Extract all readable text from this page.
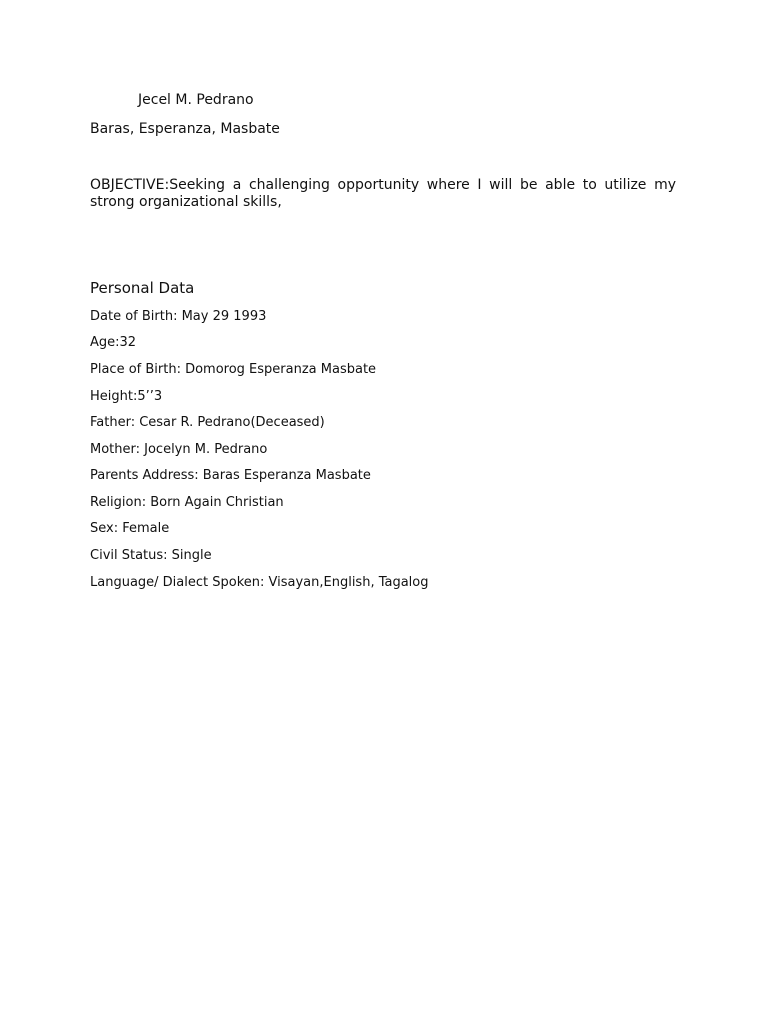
Jecel M. Pedrano
Baras, Esperanza, Masbate
OBJECTIVE:Seeking a challenging opportunity where I will be able to utilize my strong organizational skills,
Personal Data
Date of Birth: May 29 1993
Age:32
Place of Birth: Domorog Esperanza Masbate
Height:5’’3
Father: Cesar R. Pedrano(Deceased)
Mother: Jocelyn M. Pedrano
Parents Address: Baras Esperanza Masbate
Religion: Born Again Christian
Sex: Female
Civil Status: Single
Language/ Dialect Spoken: Visayan,English, Tagalog
